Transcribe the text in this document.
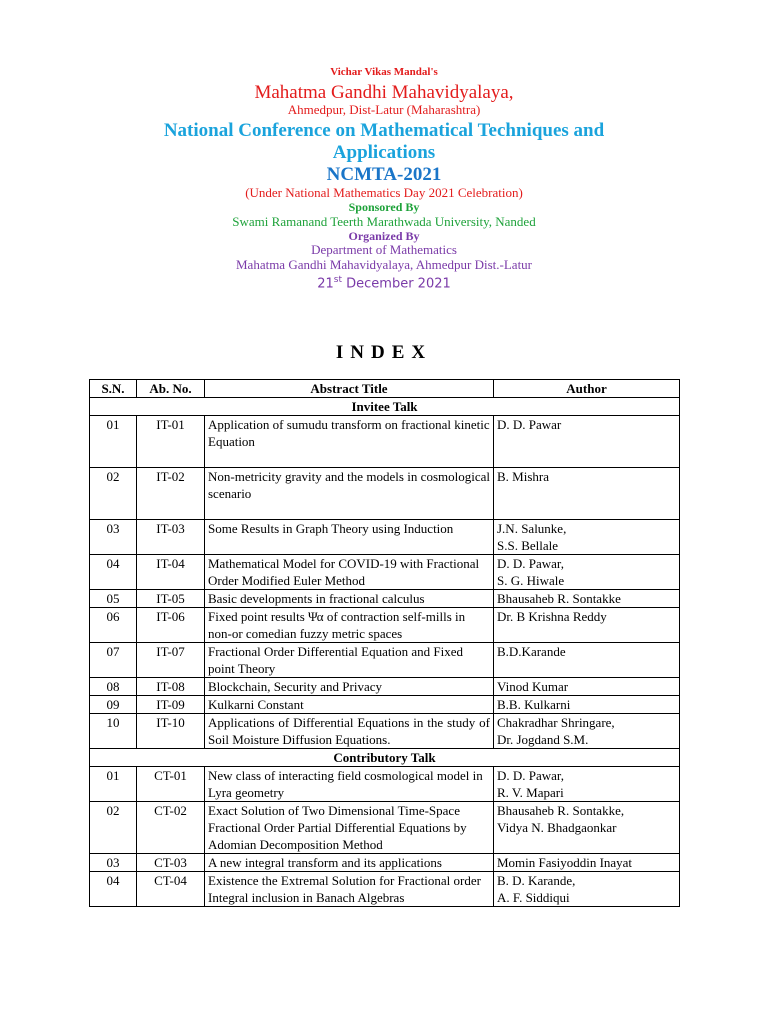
Vichar Vikas Mandal's
Mahatma Gandhi Mahavidyalaya,
Ahmedpur, Dist-Latur (Maharashtra)
National Conference on Mathematical Techniques and
Applications
NCMTA-2021
(Under National Mathematics Day 2021 Celebration)
Sponsored By
Swami Ramanand Teerth Marathwada University, Nanded
Organized By
Department of Mathematics
Mahatma Gandhi Mahavidyalaya, Ahmedpur Dist.-Latur
21st December 2021
INDEX
S.N.	Ab. No.	Abstract Title	Author
Invitee Talk			
01	IT-01	Application of sumudu transform on fractional kinetic
Equation	D. D. Pawar
02	IT-02	Non-metricity gravity and the models in cosmological scenario	B. Mishra
03	IT-03	Some Results in Graph Theory using Induction	J.N. Salunke,
S.S. Bellale
04	IT-04	Mathematical Model for COVID-19 with Fractional Order Modified Euler Method	D. D. Pawar,
S. G. Hiwale
05	IT-05	Basic developments in fractional calculus	Bhausaheb R. Sontakke
06	IT-06	Fixed point results Ψα of contraction self-mills in non-or comedian fuzzy metric spaces	Dr. B Krishna Reddy
07	IT-07	Fractional Order Differential Equation and Fixed point Theory	B.D.Karande
08	IT-08	Blockchain, Security and Privacy	Vinod Kumar
09	IT-09	Kulkarni Constant	B.B. Kulkarni
10	IT-10	Applications of Differential Equations in the study of Soil Moisture Diffusion Equations.	Chakradhar Shringare,
Dr. Jogdand S.M.
Contributory Talk			
01	CT-01	New class of interacting field cosmological model in Lyra geometry	D. D. Pawar,
R. V. Mapari
02	CT-02	Exact Solution of Two Dimensional Time-Space Fractional Order Partial Differential Equations by Adomian Decomposition Method	Bhausaheb R. Sontakke,
Vidya N. Bhadgaonkar
03	CT-03	A new integral transform and its applications	Momin Fasiyoddin Inayat
04	CT-04	Existence the Extremal Solution for Fractional order Integral inclusion in Banach Algebras	B. D. Karande,
A. F. Siddiqui
